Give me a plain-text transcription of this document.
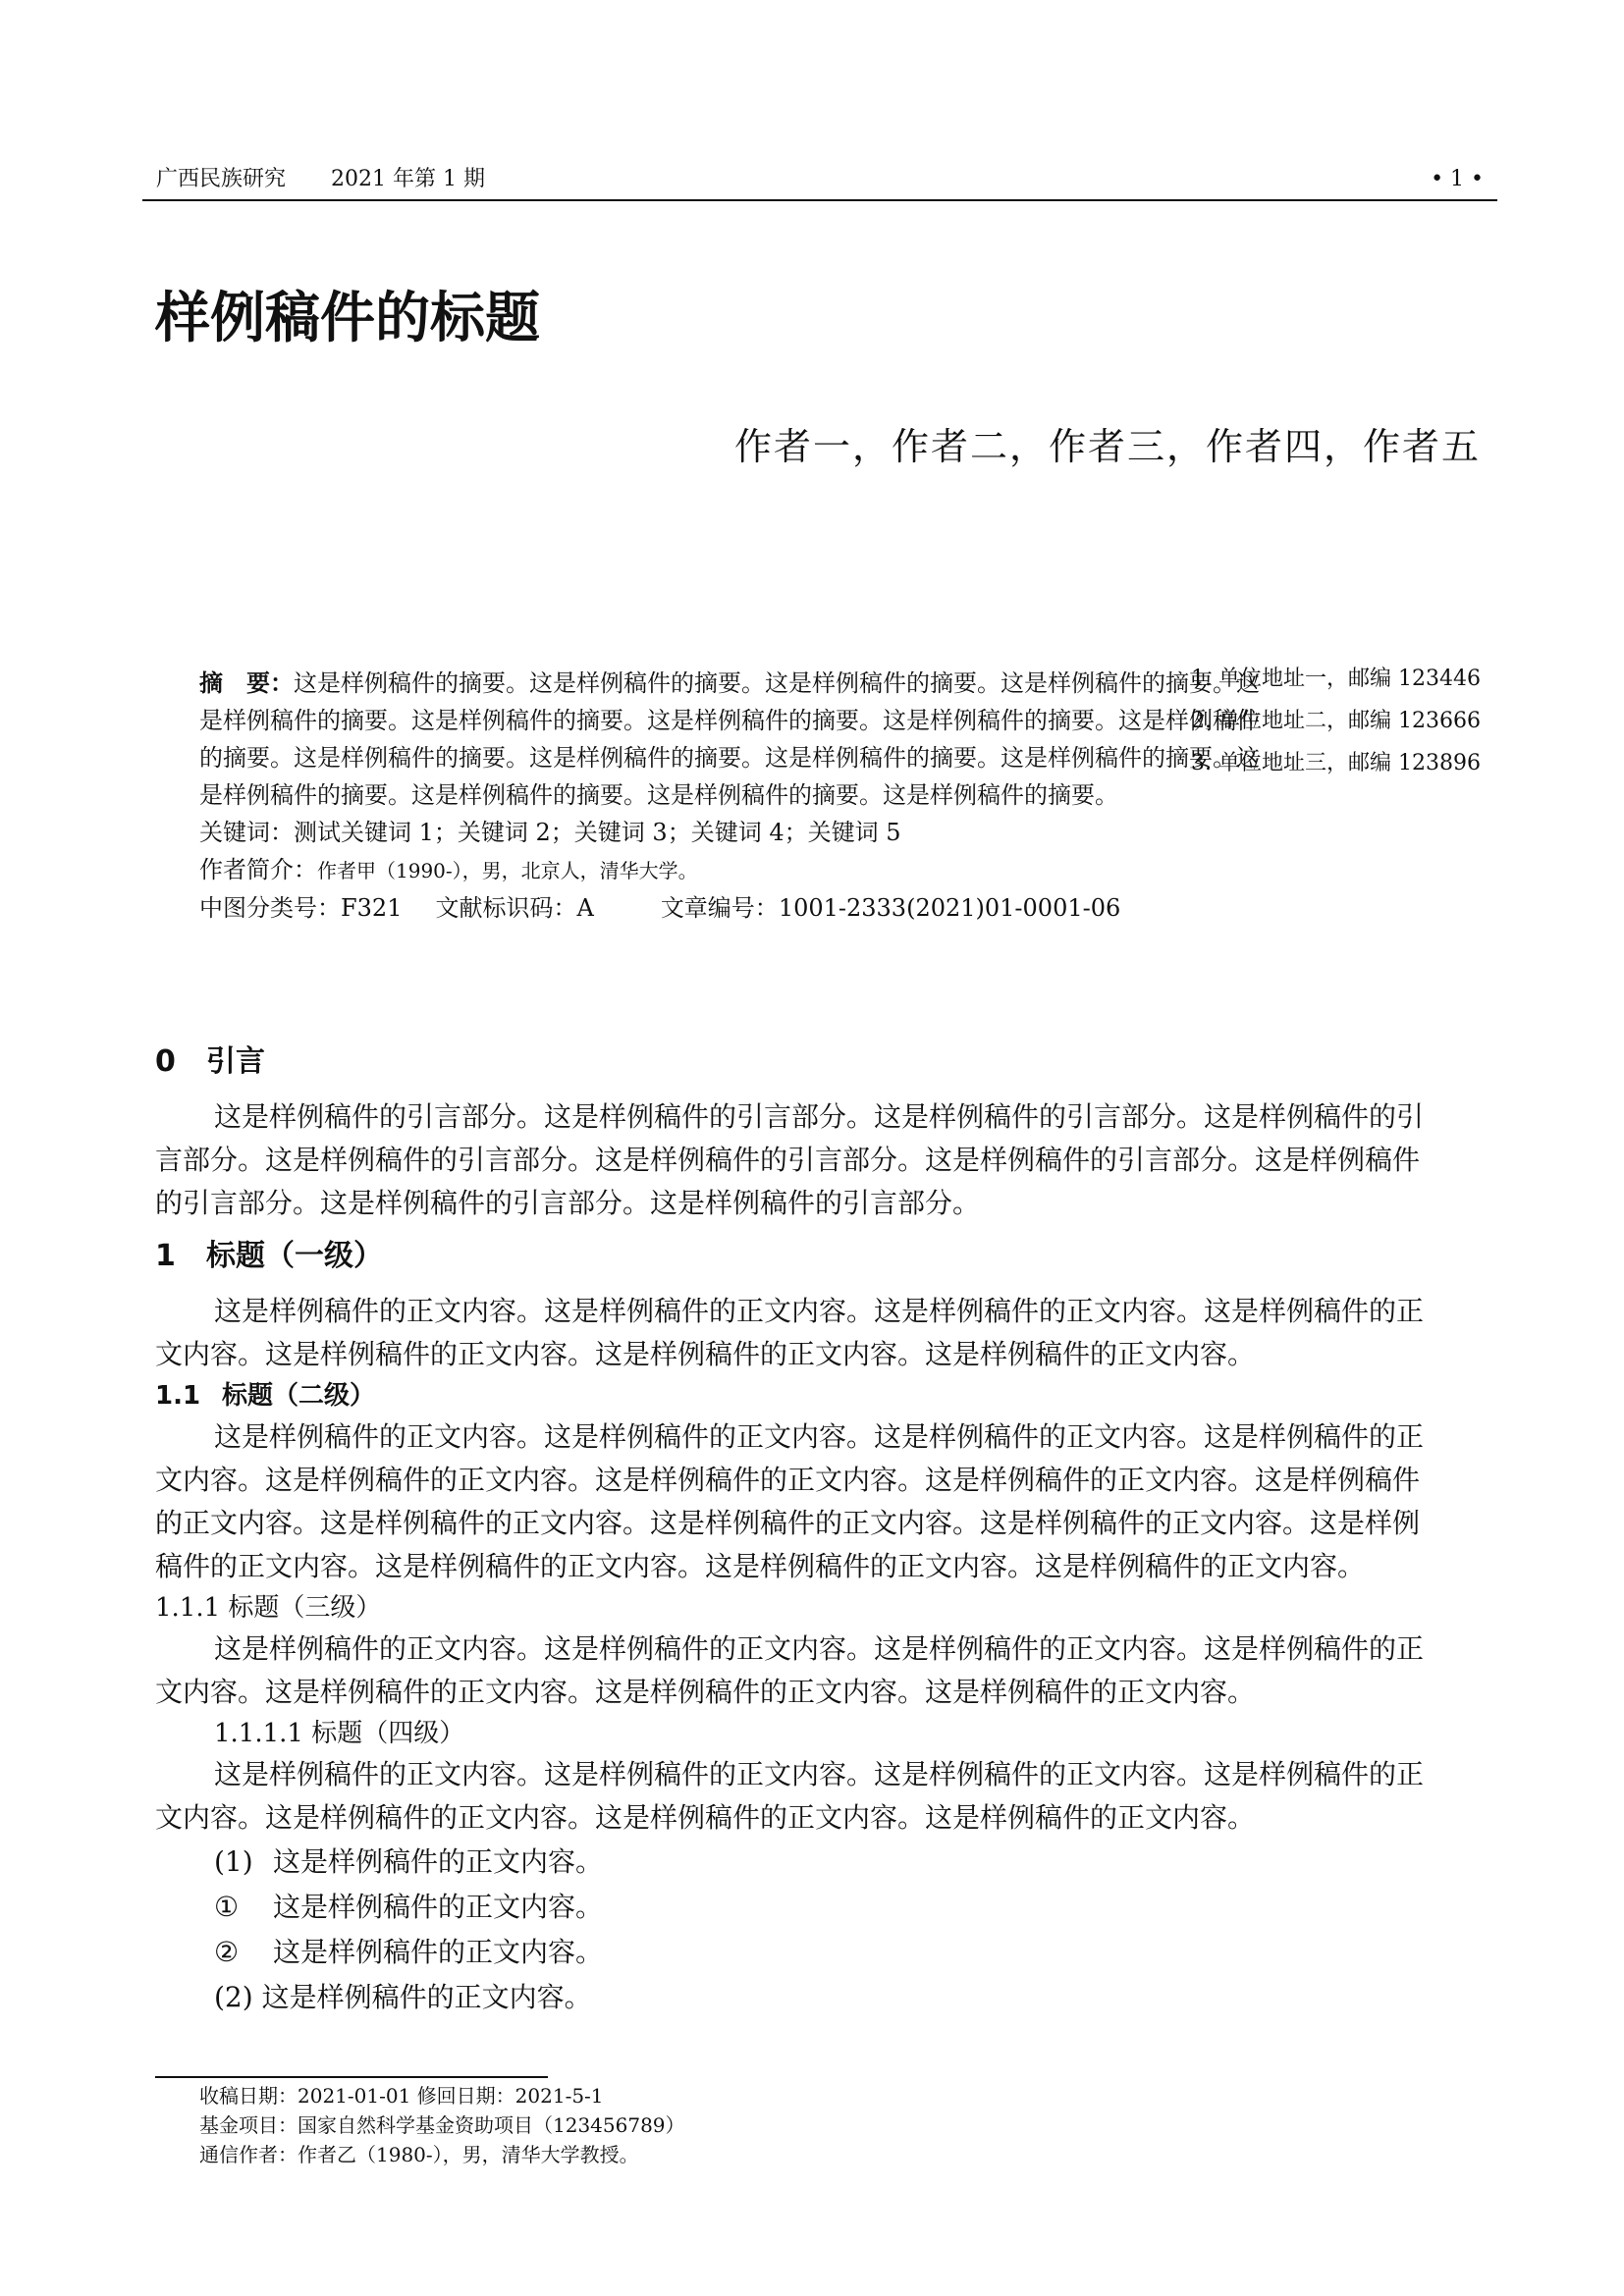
广西民族研究 2021 年第 1 期	• 1 •
样例稿件的标题
作者一，作者二，作者三，作者四，作者五
1. 单位地址一，邮编 123446
2. 单位地址二，邮编 123666
3. 单位地址三，邮编 123896

摘　要：这是样例稿件的摘要。这是样例稿件的摘要。这是样例稿件的摘要。这是样例稿件的摘要。这
是样例稿件的摘要。这是样例稿件的摘要。这是样例稿件的摘要。这是样例稿件的摘要。这是样例稿件
的摘要。这是样例稿件的摘要。这是样例稿件的摘要。这是样例稿件的摘要。这是样例稿件的摘要。这
是样例稿件的摘要。这是样例稿件的摘要。这是样例稿件的摘要。这是样例稿件的摘要。

关键词：测试关键词 1；关键词 2；关键词 3；关键词 4；关键词 5

作者简介：作者甲（1990-），男，北京人，清华大学。

中图分类号：F321 文献标识码：A	文章编号：1001-2333(2021)01-0001-06

0 引言

这是样例稿件的引言部分。这是样例稿件的引言部分。这是样例稿件的引言部分。这是样例稿件的引
言部分。这是样例稿件的引言部分。这是样例稿件的引言部分。这是样例稿件的引言部分。这是样例稿件
的引言部分。这是样例稿件的引言部分。这是样例稿件的引言部分。

1 标题（一级）

这是样例稿件的正文内容。这是样例稿件的正文内容。这是样例稿件的正文内容。这是样例稿件的正
文内容。这是样例稿件的正文内容。这是样例稿件的正文内容。这是样例稿件的正文内容。

1.1 标题（二级）

这是样例稿件的正文内容。这是样例稿件的正文内容。这是样例稿件的正文内容。这是样例稿件的正
文内容。这是样例稿件的正文内容。这是样例稿件的正文内容。这是样例稿件的正文内容。这是样例稿件
的正文内容。这是样例稿件的正文内容。这是样例稿件的正文内容。这是样例稿件的正文内容。这是样例
稿件的正文内容。这是样例稿件的正文内容。这是样例稿件的正文内容。这是样例稿件的正文内容。

1.1.1 标题（三级）

这是样例稿件的正文内容。这是样例稿件的正文内容。这是样例稿件的正文内容。这是样例稿件的正
文内容。这是样例稿件的正文内容。这是样例稿件的正文内容。这是样例稿件的正文内容。

1.1.1.1 标题（四级）

这是样例稿件的正文内容。这是样例稿件的正文内容。这是样例稿件的正文内容。这是样例稿件的正
文内容。这是样例稿件的正文内容。这是样例稿件的正文内容。这是样例稿件的正文内容。

(1) 这是样例稿件的正文内容。

① 这是样例稿件的正文内容。

② 这是样例稿件的正文内容。

(2) 这是样例稿件的正文内容。

收稿日期：2021-01-01 修回日期：2021-5-1

基金项目：国家自然科学基金资助项目（123456789）

通信作者：作者乙（1980-），男，清华大学教授。
